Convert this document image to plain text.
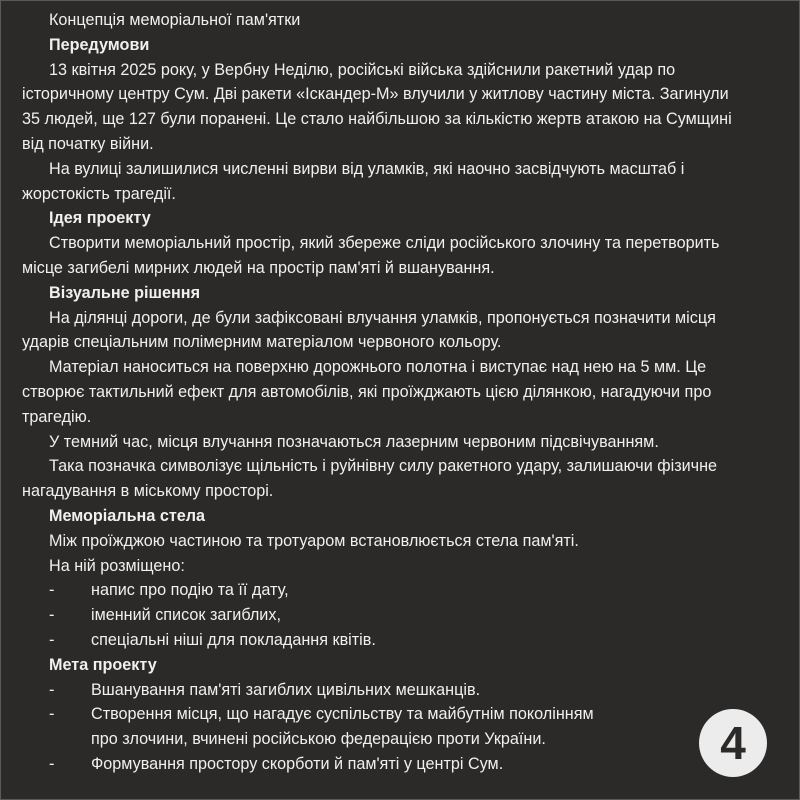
Концепція меморіальної пам'ятки
Передумови
13 квітня 2025 року, у Вербну Неділю, російські війська здійснили ракетний удар по
історичному центру Сум. Дві ракети «Іскандер-М» влучили у житлову частину міста. Загинули
35 людей, ще 127 були поранені. Це стало найбільшою за кількістю жертв атакою на Сумщині
від початку війни.
На вулиці залишилися численні вирви від уламків, які наочно засвідчують масштаб і
жорстокість трагедії.
Ідея проекту
Створити меморіальний простір, який збереже сліди російського злочину та перетворить
місце загибелі мирних людей на простір пам'яті й вшанування.
Візуальне рішення
На ділянці дороги, де були зафіксовані влучання уламків, пропонується позначити місця
ударів спеціальним полімерним матеріалом червоного кольору.
Матеріал наноситься на поверхню дорожнього полотна і виступає над нею на 5 мм. Це
створює тактильний ефект для автомобілів, які проїжджають цією ділянкою, нагадуючи про
трагедію.
У темний час, місця влучання позначаються лазерним червоним підсвічуванням.
Така позначка символізує щільність і руйнівну силу ракетного удару, залишаючи фізичне
нагадування в міському просторі.
Меморіальна стела
Між проїжджою частиною та тротуаром встановлюється стела пам'яті.
На ній розміщено:
-	напис про подію та її дату,
-	іменний список загиблих,
-	спеціальні ніші для покладання квітів.
Мета проекту
-	Вшанування пам'яті загиблих цивільних мешканців.
-	Створення місця, що нагадує суспільству та майбутнім поколінням
про злочини, вчинені російською федерацією проти України.
-	Формування простору скорботи й пам'яті у центрі Сум.	4
